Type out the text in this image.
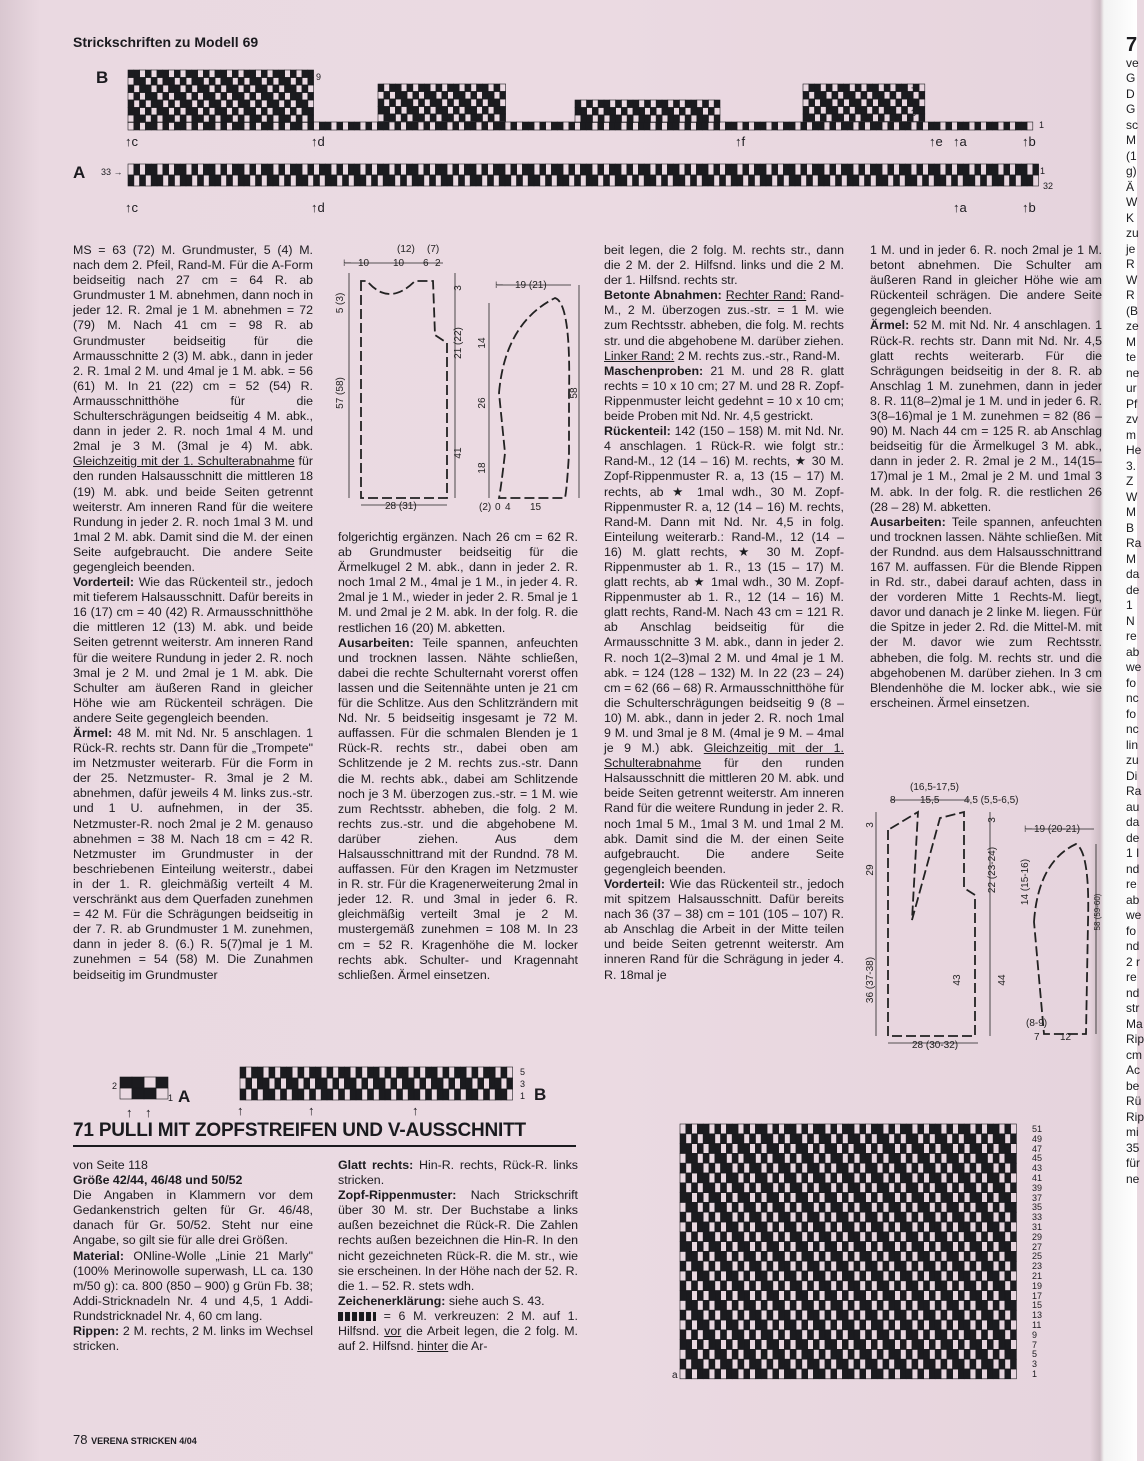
Strickschriften zu Modell 69
B	9
7
5
3
1
↑c	↑d	↑f	↑e ↑a	↑b
A 33 →	1
32
↑c	↑d	↑a	↑b

MS = 63 (72) M. Grundmuster, 5 (4) M. nach dem 2. Pfeil, Rand-M. Für die A-Form beidseitig nach 27 cm = 64 R. ab Grundmuster 1 M. abnehmen, dann noch in jeder 12. R. 2mal je 1 M. abnehmen = 72 (79) M. Nach 41 cm = 98 R. ab Grundmuster beidseitig für die Armausschnitte 2 (3) M. abk., dann in jeder 2. R. 1mal 2 M. und 4mal je 1 M. abk. = 56 (61) M. In 21 (22) cm = 52 (54) R. Armausschnitthöhe für die Schulterschrägungen beidseitig 4 M. abk., dann in jeder 2. R. noch 1mal 4 M. und 2mal je 3 M. (3mal je 4) M. abk. Gleichzeitig mit der 1. Schulterabnahme für den runden Halsausschnitt die mittleren 18 (19) M. abk. und beide Seiten getrennt weiterstr. Am inneren Rand für die weitere Rundung in jeder 2. R. noch 1mal 3 M. und 1mal 2 M. abk. Damit sind die M. der einen Seite aufgebraucht. Die andere Seite gegengleich beenden.

Vorderteil: Wie das Rückenteil str., jedoch mit tieferem Halsausschnitt. Dafür bereits in 16 (17) cm = 40 (42) R. Armausschnitthöhe die mittleren 12 (13) M. abk. und beide Seiten getrennt weiterstr. Am inneren Rand für die weitere Rundung in jeder 2. R. noch 3mal je 2 M. und 2mal je 1 M. abk. Die Schulter am äußeren Rand in gleicher Höhe wie am Rückenteil schrägen. Die andere Seite gegengleich beenden.

Ärmel: 48 M. mit Nd. Nr. 5 anschlagen. 1 Rück-R. rechts str. Dann für die „Trompete" im Netzmuster weiterarb. Für die Form in der 25. Netzmuster- R. 3mal je 2 M. abnehmen, dafür jeweils 4 M. links zus.-str. und 1 U. aufnehmen, in der 35. Netzmuster-R. noch 2mal je 2 M. genauso abnehmen = 38 M. Nach 18 cm = 42 R. Netzmuster im Grundmuster in der beschriebenen Einteilung weiterstr., dabei in der 1. R. gleichmäßig verteilt 4 M. verschränkt aus dem Querfaden zunehmen = 42 M. Für die Schrägungen beidseitig in der 7. R. ab Grundmuster 1 M. zunehmen, dann in jeder 8. (6.) R. 5(7)mal je 1 M. zunehmen = 54 (58) M. Die Zunahmen beidseitig im Grundmuster

(12) (7)
⊢ 10 10 6 2
5 (3)
57 (58)
3
21 (22)
41
28 (31)
⊢ 19 (21)
14
26
18
58
(2) 0 4 15

folgerichtig ergänzen. Nach 26 cm = 62 R. ab Grundmuster beidseitig für die Ärmelkugel 2 M. abk., dann in jeder 2. R. noch 1mal 2 M., 4mal je 1 M., in jeder 4. R. 2mal je 1 M., wieder in jeder 2. R. 5mal je 1 M. und 2mal je 2 M. abk. In der folg. R. die restlichen 16 (20) M. abketten.

Ausarbeiten: Teile spannen, anfeuchten und trocknen lassen. Nähte schließen, dabei die rechte Schulternaht vorerst offen lassen und die Seitennähte unten je 21 cm für die Schlitze. Aus den Schlitzrändern mit Nd. Nr. 5 beidseitig insgesamt je 72 M. auffassen. Für die schmalen Blenden je 1 Rück-R. rechts str., dabei oben am Schlitzende je 2 M. rechts zus.-str. Dann die M. rechts abk., dabei am Schlitzende noch je 3 M. überzogen zus.-str. = 1 M. wie zum Rechtsstr. abheben, die folg. 2 M. rechts zus.-str. und die abgehobene M. darüber ziehen. Aus dem Halsausschnittrand mit der Rundnd. 78 M. auffassen. Für den Kragen im Netzmuster in R. str. Für die Kragenerweiterung 2mal in jeder 12. R. und 3mal in jeder 6. R. gleichmäßig verteilt 3mal je 2 M. mustergemäß zunehmen = 108 M. In 23 cm = 52 R. Kragenhöhe die M. locker rechts abk. Schulter- und Kragennaht schließen. Ärmel einsetzen.

beit legen, die 2 folg. M. rechts str., dann die 2 M. der 2. Hilfsnd. links und die 2 M. der 1. Hilfsnd. rechts str.

Betonte Abnahmen: Rechter Rand: Rand-M., 2 M. überzogen zus.-str. = 1 M. wie zum Rechtsstr. abheben, die folg. M. rechts str. und die abgehobene M. darüber ziehen. Linker Rand: 2 M. rechts zus.-str., Rand-M.

Maschenproben: 21 M. und 28 R. glatt rechts = 10 x 10 cm; 27 M. und 28 R. Zopf-Rippenmuster leicht gedehnt = 10 x 10 cm; beide Proben mit Nd. Nr. 4,5 gestrickt.

Rückenteil: 142 (150 – 158) M. mit Nd. Nr. 4 anschlagen. 1 Rück-R. wie folgt str.: Rand-M., 12 (14 – 16) M. rechts, ★ 30 M. Zopf-Rippenmuster R. a, 13 (15 – 17) M. rechts, ab ★ 1mal wdh., 30 M. Zopf-Rippenmuster R. a, 12 (14 – 16) M. rechts, Rand-M. Dann mit Nd. Nr. 4,5 in folg. Einteilung weiterarb.: Rand-M., 12 (14 – 16) M. glatt rechts, ★ 30 M. Zopf-Rippenmuster ab 1. R., 13 (15 – 17) M. glatt rechts, ab ★ 1mal wdh., 30 M. Zopf-Rippenmuster ab 1. R., 12 (14 – 16) M. glatt rechts, Rand-M. Nach 43 cm = 121 R. ab Anschlag beidseitig für die Armausschnitte 3 M. abk., dann in jeder 2. R. noch 1(2–3)mal 2 M. und 4mal je 1 M. abk. = 124 (128 – 132) M. In 22 (23 – 24) cm = 62 (66 – 68) R. Armausschnitthöhe für die Schulterschrägungen beidseitig 9 (8 – 10) M. abk., dann in jeder 2. R. noch 1mal 9 M. und 3mal je 8 M. (4mal je 9 M. – 4mal je 9 M.) abk. Gleichzeitig mit der 1. Schulterabnahme für den runden Halsausschnitt die mittleren 20 M. abk. und beide Seiten getrennt weiterstr. Am inneren Rand für die weitere Rundung in jeder 2. R. noch 1mal 5 M., 1mal 3 M. und 1mal 2 M. abk. Damit sind die M. der einen Seite aufgebraucht. Die andere Seite gegengleich beenden.

Vorderteil: Wie das Rückenteil str., jedoch mit spitzem Halsausschnitt. Dafür bereits nach 36 (37 – 38) cm = 101 (105 – 107) R. ab Anschlag die Arbeit in der Mitte teilen und beide Seiten getrennt weiterstr. Am inneren Rand für die Schrägung in jeder 4. R. 18mal je

1 M. und in jeder 6. R. noch 2mal je 1 M. betont abnehmen. Die Schulter am äußeren Rand in gleicher Höhe wie am Rückenteil schrägen. Die andere Seite gegengleich beenden.

Ärmel: 52 M. mit Nd. Nr. 4 anschlagen. 1 Rück-R. rechts str. Dann mit Nd. Nr. 4,5 glatt rechts weiterarb. Für die Schrägungen beidseitig in der 8. R. ab Anschlag 1 M. zunehmen, dann in jeder 8. R. 11(8–2)mal je 1 M. und in jeder 6. R. 3(8–16)mal je 1 M. zunehmen = 82 (86 – 90) M. Nach 44 cm = 125 R. ab Anschlag beidseitig für die Ärmelkugel 3 M. abk., dann in jeder 2. R. 2mal je 2 M., 14(15–17)mal je 1 M., 2mal je 2 M. und 1mal 3 M. abk. In der folg. R. die restlichen 26 (28 – 28) M. abketten.

Ausarbeiten: Teile spannen, anfeuchten und trocknen lassen. Nähte schließen. Mit der Rundnd. aus dem Halsausschnittrand 167 M. auffassen. Für die Blende Rippen in Rd. str., dabei darauf achten, dass in der vorderen Mitte 1 Rechts-M. liegt, davor und danach je 2 linke M. liegen. Für die Spitze in jeder 2. Rd. die Mittel-M. mit der M. davor wie zum Rechtsstr. abheben, die folg. M. rechts str. und die abgehobenen M. darüber ziehen. In 3 cm Blendenhöhe die M. locker abk., wie sie erscheinen. Ärmel einsetzen.

(16,5-17,5)
8 15,5 4,5 (5,5-6,5)
3
29
36 (37-38)
3
22 (23-24)
43	44
28 (30-32)
⊢ 19 (20-21)
14 (15-16)
58 (59-60)
(8-9)
7 12
2
1 A
↑ ↑
5
3
1 B
↑	↑	↑
71 PULLI MIT ZOPFSTREIFEN UND V-AUSSCHNITT

von Seite 118

Größe 42/44, 46/48 und 50/52

Die Angaben in Klammern vor dem Gedankenstrich gelten für Gr. 46/48, danach für Gr. 50/52. Steht nur eine Angabe, so gilt sie für alle drei Größen.

Material: ONline-Wolle „Linie 21 Marly" (100% Merinowolle superwash, LL ca. 130 m/50 g): ca. 800 (850 – 900) g Grün Fb. 38; Addi-Stricknadeln Nr. 4 und 4,5, 1 Addi-Rundstricknadel Nr. 4, 60 cm lang.

Rippen: 2 M. rechts, 2 M. links im Wechsel stricken.

Glatt rechts: Hin-R. rechts, Rück-R. links stricken.

Zopf-Rippenmuster: Nach Strickschrift über 30 M. str. Der Buchstabe a links außen bezeichnet die Rück-R. Die Zahlen rechts außen bezeichnen die Hin-R. In den nicht gezeichneten Rück-R. die M. str., wie sie erscheinen. In der Höhe nach der 52. R. die 1. – 52. R. stets wdh.

Zeichenerklärung: siehe auch S. 43.

= 6 M. verkreuzen: 2 M. auf 1. Hilfsnd. vor die Arbeit legen, die 2 folg. M. auf 2. Hilfsnd. hinter die Ar-

51
49
47
45
43
41
39
37
35
33
31
29
27
25
23
21
19
17
15
13
11
9
7
5
3
1
a
78 VERENA STRICKEN 4/04
7
ve
G
D
G
sc
M
(1
g)
Ä
W
K
zu
je
R
W
R
(B
ze
M
te
ne
ur
Pf
zv
m
He
3.
Z
W
M
B
Ra
M
da
de
1
N
re
ab
we
fo
nc
fo
nc
lin
zu
Di
Ra
au
da
de
1 I
nd
re
ab
we
fo
nd
2 r
re
nd
str
Ma
Rip
cm
Ac
be
Rü
Rip
mi
35
für
ne
